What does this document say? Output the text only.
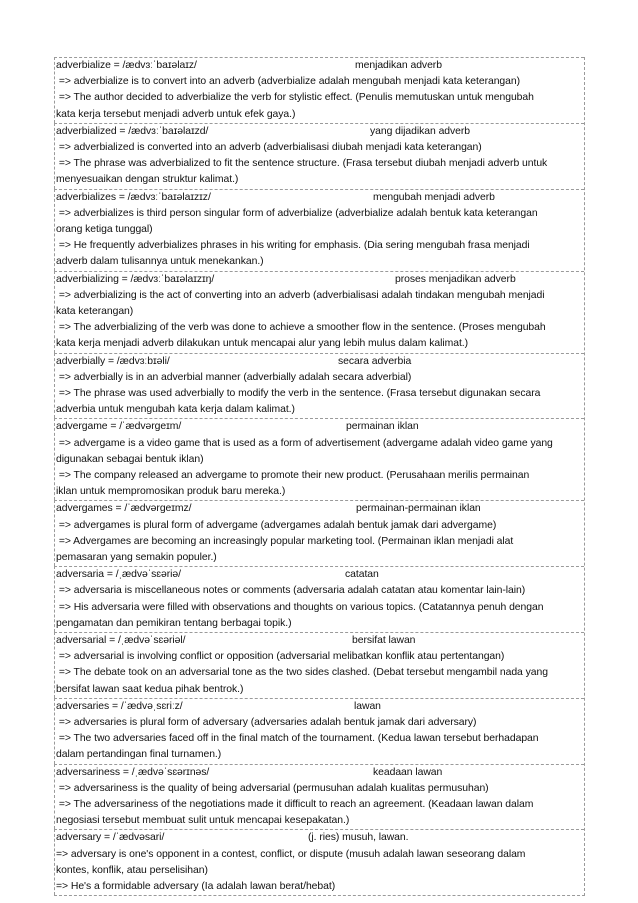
adverbialize = /ædvɜːˈbaɪəlaɪz/	menjadikan adverb
=> adverbialize is to convert into an adverb (adverbialize adalah mengubah menjadi kata keterangan)
=> The author decided to adverbialize the verb for stylistic effect. (Penulis memutuskan untuk mengubah
kata kerja tersebut menjadi adverb untuk efek gaya.)
adverbialized = /ædvɜːˈbaɪəlaɪzd/	yang dijadikan adverb
=> adverbialized is converted into an adverb (adverbialisasi diubah menjadi kata keterangan)
=> The phrase was adverbialized to fit the sentence structure. (Frasa tersebut diubah menjadi adverb untuk
menyesuaikan dengan struktur kalimat.)
adverbializes = /ædvɜːˈbaɪəlaɪzɪz/	mengubah menjadi adverb
=> adverbializes is third person singular form of adverbialize (adverbialize adalah bentuk kata keterangan
orang ketiga tunggal)
=> He frequently adverbializes phrases in his writing for emphasis. (Dia sering mengubah frasa menjadi
adverb dalam tulisannya untuk menekankan.)
adverbializing = /ædvɜːˈbaɪəlaɪzɪŋ/	proses menjadikan adverb
=> adverbializing is the act of converting into an adverb (adverbialisasi adalah tindakan mengubah menjadi
kata keterangan)
=> The adverbializing of the verb was done to achieve a smoother flow in the sentence. (Proses mengubah
kata kerja menjadi adverb dilakukan untuk mencapai alur yang lebih mulus dalam kalimat.)
adverbially = /ædvɜːbɪəli/	secara adverbia
=> adverbially is in an adverbial manner (adverbially adalah secara adverbial)
=> The phrase was used adverbially to modify the verb in the sentence. (Frasa tersebut digunakan secara
adverbia untuk mengubah kata kerja dalam kalimat.)
advergame = /ˈædvərgeɪm/	permainan iklan
=> advergame is a video game that is used as a form of advertisement (advergame adalah video game yang
digunakan sebagai bentuk iklan)
=> The company released an advergame to promote their new product. (Perusahaan merilis permainan
iklan untuk mempromosikan produk baru mereka.)
advergames = /ˈædvərgeɪmz/	permainan-permainan iklan
=> advergames is plural form of advergame (advergames adalah bentuk jamak dari advergame)
=> Advergames are becoming an increasingly popular marketing tool. (Permainan iklan menjadi alat
pemasaran yang semakin populer.)
adversaria = /ˌædvəˈsɛəriə/	catatan
=> adversaria is miscellaneous notes or comments (adversaria adalah catatan atau komentar lain-lain)
=> His adversaria were filled with observations and thoughts on various topics. (Catatannya penuh dengan
pengamatan dan pemikiran tentang berbagai topik.)
adversarial = /ˌædvəˈsɛəriəl/	bersifat lawan
=> adversarial is involving conflict or opposition (adversarial melibatkan konflik atau pertentangan)
=> The debate took on an adversarial tone as the two sides clashed. (Debat tersebut mengambil nada yang
bersifat lawan saat kedua pihak bentrok.)
adversaries = /ˈædvəˌsɛriːz/	lawan
=> adversaries is plural form of adversary (adversaries adalah bentuk jamak dari adversary)
=> The two adversaries faced off in the final match of the tournament. (Kedua lawan tersebut berhadapan
dalam pertandingan final turnamen.)
adversariness = /ˌædvəˈsɛərɪnəs/	keadaan lawan
=> adversariness is the quality of being adversarial (permusuhan adalah kualitas permusuhan)
=> The adversariness of the negotiations made it difficult to reach an agreement. (Keadaan lawan dalam
negosiasi tersebut membuat sulit untuk mencapai kesepakatan.)
adversary = /ˈædvəsari/	(j. ries) musuh, lawan.
=> adversary is one's opponent in a contest, conflict, or dispute (musuh adalah lawan seseorang dalam
kontes, konflik, atau perselisihan)
=> He's a formidable adversary (Ia adalah lawan berat/hebat)
